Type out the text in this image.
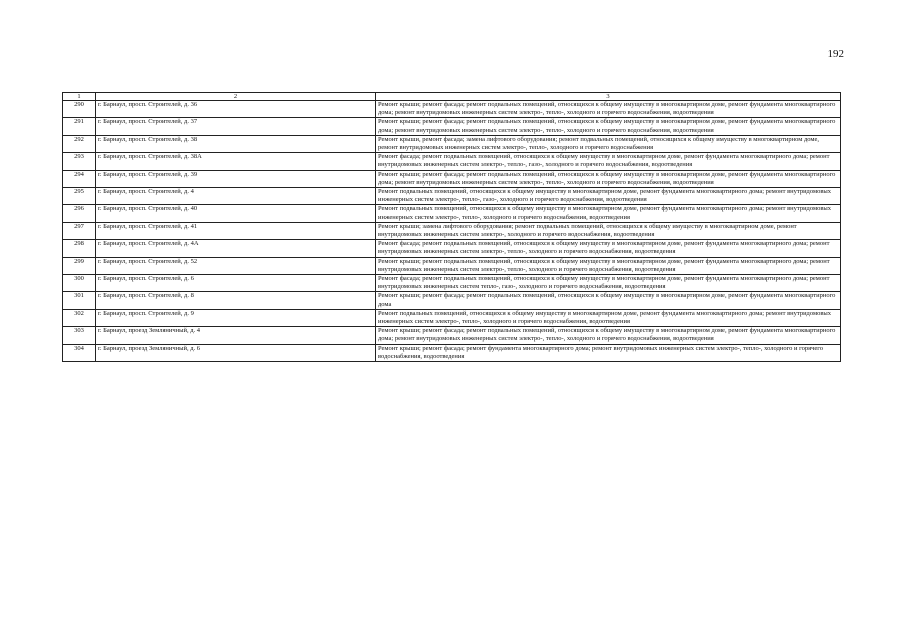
192
1	2	3
290	г. Барнаул, просп. Строителей, д. 36	Ремонт крыши; ремонт фасада; ремонт подвальных помещений, относящихся к общему имуществу в многоквартирном доме, ремонт фундамента многоквартирного дома; ремонт внутридомовых инженерных систем электро-, тепло-, холодного и горячего водоснабжения, водоотведения
291	г. Барнаул, просп. Строителей, д. 37	Ремонт крыши; ремонт фасада; ремонт подвальных помещений, относящихся к общему имуществу в многоквартирном доме, ремонт фундамента многоквартирного дома; ремонт внутридомовых инженерных систем электро-, тепло-, холодного и горячего водоснабжения, водоотведения
292	г. Барнаул, просп. Строителей, д. 38	Ремонт крыши, ремонт фасада; замена лифтового оборудования; ремонт подвальных помещений, относящихся к общему имуществу в многоквартирном доме, ремонт внутридомовых инженерных систем электро-, тепло-, холодного и горячего водоснабжения
293	г. Барнаул, просп. Строителей, д. 38А	Ремонт фасада; ремонт подвальных помещений, относящихся к общему имуществу в многоквартирном доме, ремонт фундамента многоквартирного дома; ремонт внутридомовых инженерных систем электро-, тепло-, газо-, холодного и горячего водоснабжения, водоотведения
294	г. Барнаул, просп. Строителей, д. 39	Ремонт крыши; ремонт фасада; ремонт подвальных помещений, относящихся к общему имуществу в многоквартирном доме, ремонт фундамента многоквартирного дома; ремонт внутридомовых инженерных систем электро-, тепло-, холодного и горячего водоснабжения, водоотведения
295	г. Барнаул, просп. Строителей, д. 4	Ремонт подвальных помещений, относящихся к общему имуществу в многоквартирном доме, ремонт фундамента многоквартирного дома; ремонт внутридомовых инженерных систем электро-, тепло-, газо-, холодного и горячего водоснабжения, водоотведения
296	г. Барнаул, просп. Строителей, д. 40	Ремонт подвальных помещений, относящихся к общему имуществу в многоквартирном доме, ремонт фундамента многоквартирного дома; ремонт внутридомовых инженерных систем электро-, тепло-, холодного и горячего водоснабжения, водоотведения
297	г. Барнаул, просп. Строителей, д. 41	Ремонт крыши; замена лифтового оборудования; ремонт подвальных помещений, относящихся к общему имуществу в многоквартирном доме, ремонт внутридомовых инженерных систем электро-, холодного и горячего водоснабжения, водоотведения
298	г. Барнаул, просп. Строителей, д. 4А	Ремонт фасада; ремонт подвальных помещений, относящихся к общему имуществу в многоквартирном доме, ремонт фундамента многоквартирного дома; ремонт внутридомовых инженерных систем электро-, тепло-, холодного и горячего водоснабжения, водоотведения
299	г. Барнаул, просп. Строителей, д. 52	Ремонт крыши; ремонт подвальных помещений, относящихся к общему имуществу в многоквартирном доме, ремонт фундамента многоквартирного дома; ремонт внутридомовых инженерных систем электро-, тепло-, холодного и горячего водоснабжения, водоотведения
300	г. Барнаул, просп. Строителей, д. 6	Ремонт фасада; ремонт подвальных помещений, относящихся к общему имуществу в многоквартирном доме, ремонт фундамента многоквартирного дома; ремонт внутридомовых инженерных систем тепло-, газо-, холодного и горячего водоснабжения, водоотведения
301	г. Барнаул, просп. Строителей, д. 8	Ремонт крыши; ремонт фасада; ремонт подвальных помещений, относящихся к общему имуществу в многоквартирном доме, ремонт фундамента многоквартирного дома
302	г. Барнаул, просп. Строителей, д. 9	Ремонт подвальных помещений, относящихся к общему имуществу в многоквартирном доме, ремонт фундамента многоквартирного дома; ремонт внутридомовых инженерных систем электро-, тепло-, холодного и горячего водоснабжения, водоотведения
303	г. Барнаул, проезд Земляничный, д. 4	Ремонт крыши; ремонт фасада; ремонт подвальных помещений, относящихся к общему имуществу в многоквартирном доме, ремонт фундамента многоквартирного дома; ремонт внутридомовых инженерных систем электро-, тепло-, холодного и горячего водоснабжения, водоотведения
304	г. Барнаул, проезд Земляничный, д. 6	Ремонт крыши; ремонт фасада; ремонт фундамента многоквартирного дома; ремонт внутридомовых инженерных систем электро-, тепло-, холодного и горячего водоснабжения, водоотведения
